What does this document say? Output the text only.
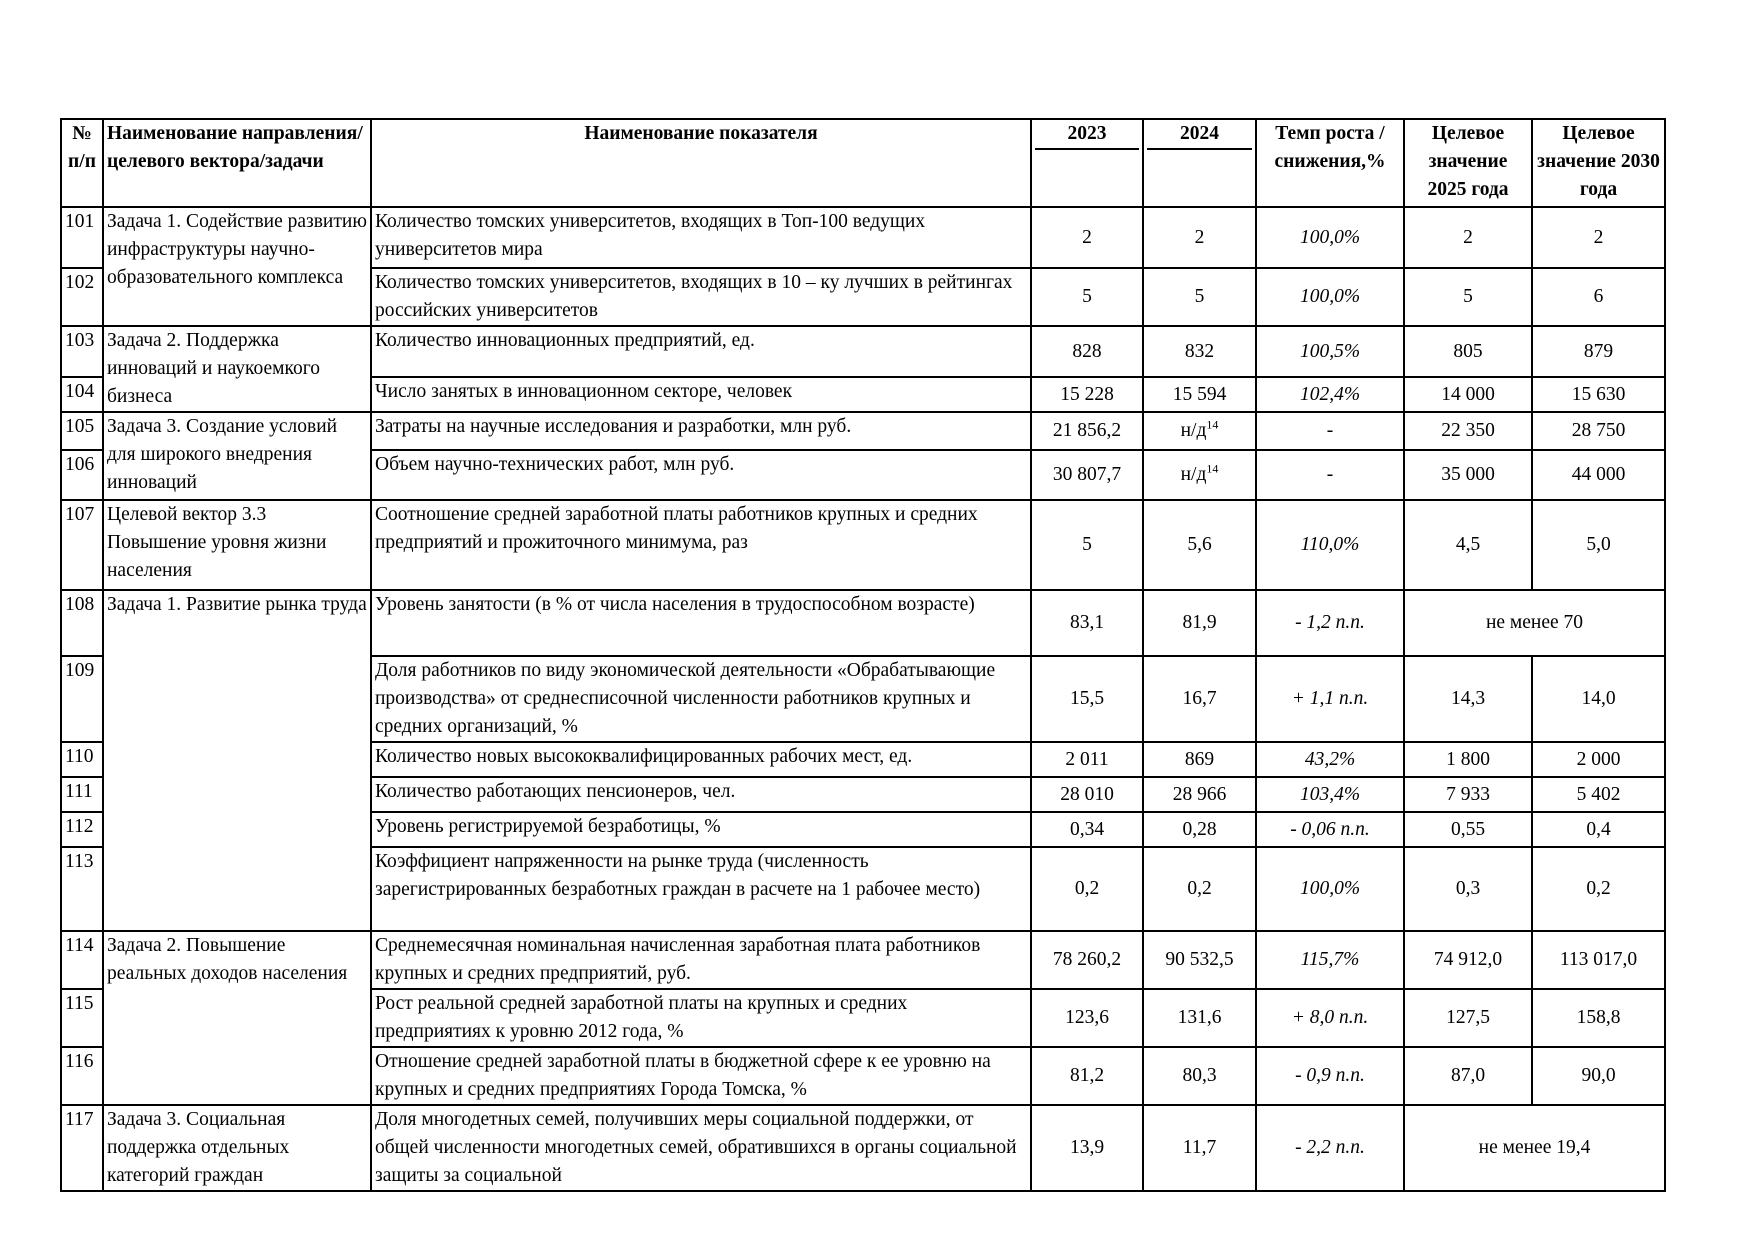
№ п/п	Наименование направления/целевого вектора/задачи	Наименование показателя	2023	2024	Темп роста / снижения,%	Целевое значение 2025 года	Целевое значение 2030 года
101	Задача 1. Содействие развитию инфраструктуры научно-образовательного комплекса	Количество томских университетов, входящих в Топ-100 ведущих университетов мира	2	2	100,0%	2	2
102		Количество томских университетов, входящих в 10 – ку лучших в рейтингах российских университетов	5	5	100,0%	5	6
103	Задача 2. Поддержка инноваций и наукоемкого бизнеса	Количество инновационных предприятий, ед.	828	832	100,5%	805	879
104		Число занятых в инновационном секторе, человек	15 228	15 594	102,4%	14 000	15 630
105	Задача 3. Создание условий для широкого внедрения инноваций	Затраты на научные исследования и разработки, млн руб.	21 856,2	$н/д^{14}$	-	22 350	28 750
106		Объем научно-технических работ, млн руб.	30 807,7	$н/д^{14}$	-	35 000	44 000
107	Целевой вектор 3.3 Повышение уровня жизни населения	Соотношение средней заработной платы работников крупных и средних предприятий и прожиточного минимума, раз	5	5,6	110,0%	4,5	5,0
108	Задача 1. Развитие рынка труда	Уровень занятости (в % от числа населения в трудоспособном возрасте)	83,1	81,9	- 1,2 п.п.	не менее 70	
109		Доля работников по виду экономической деятельности «Обрабатывающие производства» от среднесписочной численности работников крупных и средних организаций, %	15,5	16,7	+ 1,1 п.п.	14,3	14,0
110		Количество новых высококвалифицированных рабочих мест, ед.	2 011	869	43,2%	1 800	2 000
111		Количество работающих пенсионеров, чел.	28 010	28 966	103,4%	7 933	5 402
112		Уровень регистрируемой безработицы, %	0,34	0,28	- 0,06 п.п.	0,55	0,4
113		Коэффициент напряженности на рынке труда (численность зарегистрированных безработных граждан в расчете на 1 рабочее место)	0,2	0,2	100,0%	0,3	0,2
114	Задача 2. Повышение реальных доходов населения	Среднемесячная номинальная начисленная заработная плата работников крупных и средних предприятий, руб.	78 260,2	90 532,5	115,7%	74 912,0	113 017,0
115		Рост реальной средней заработной платы на крупных и средних предприятиях к уровню 2012 года, %	123,6	131,6	+ 8,0 п.п.	127,5	158,8
116		Отношение средней заработной платы в бюджетной сфере к ее уровню на крупных и средних предприятиях Города Томска, %	81,2	80,3	- 0,9 п.п.	87,0	90,0
117	Задача 3. Социальная поддержка отдельных категорий граждан	Доля многодетных семей, получивших меры социальной поддержки, от общей численности многодетных семей, обратившихся в органы социальной защиты за социальной	13,9	11,7	- 2,2 п.п.	не менее 19,4	
